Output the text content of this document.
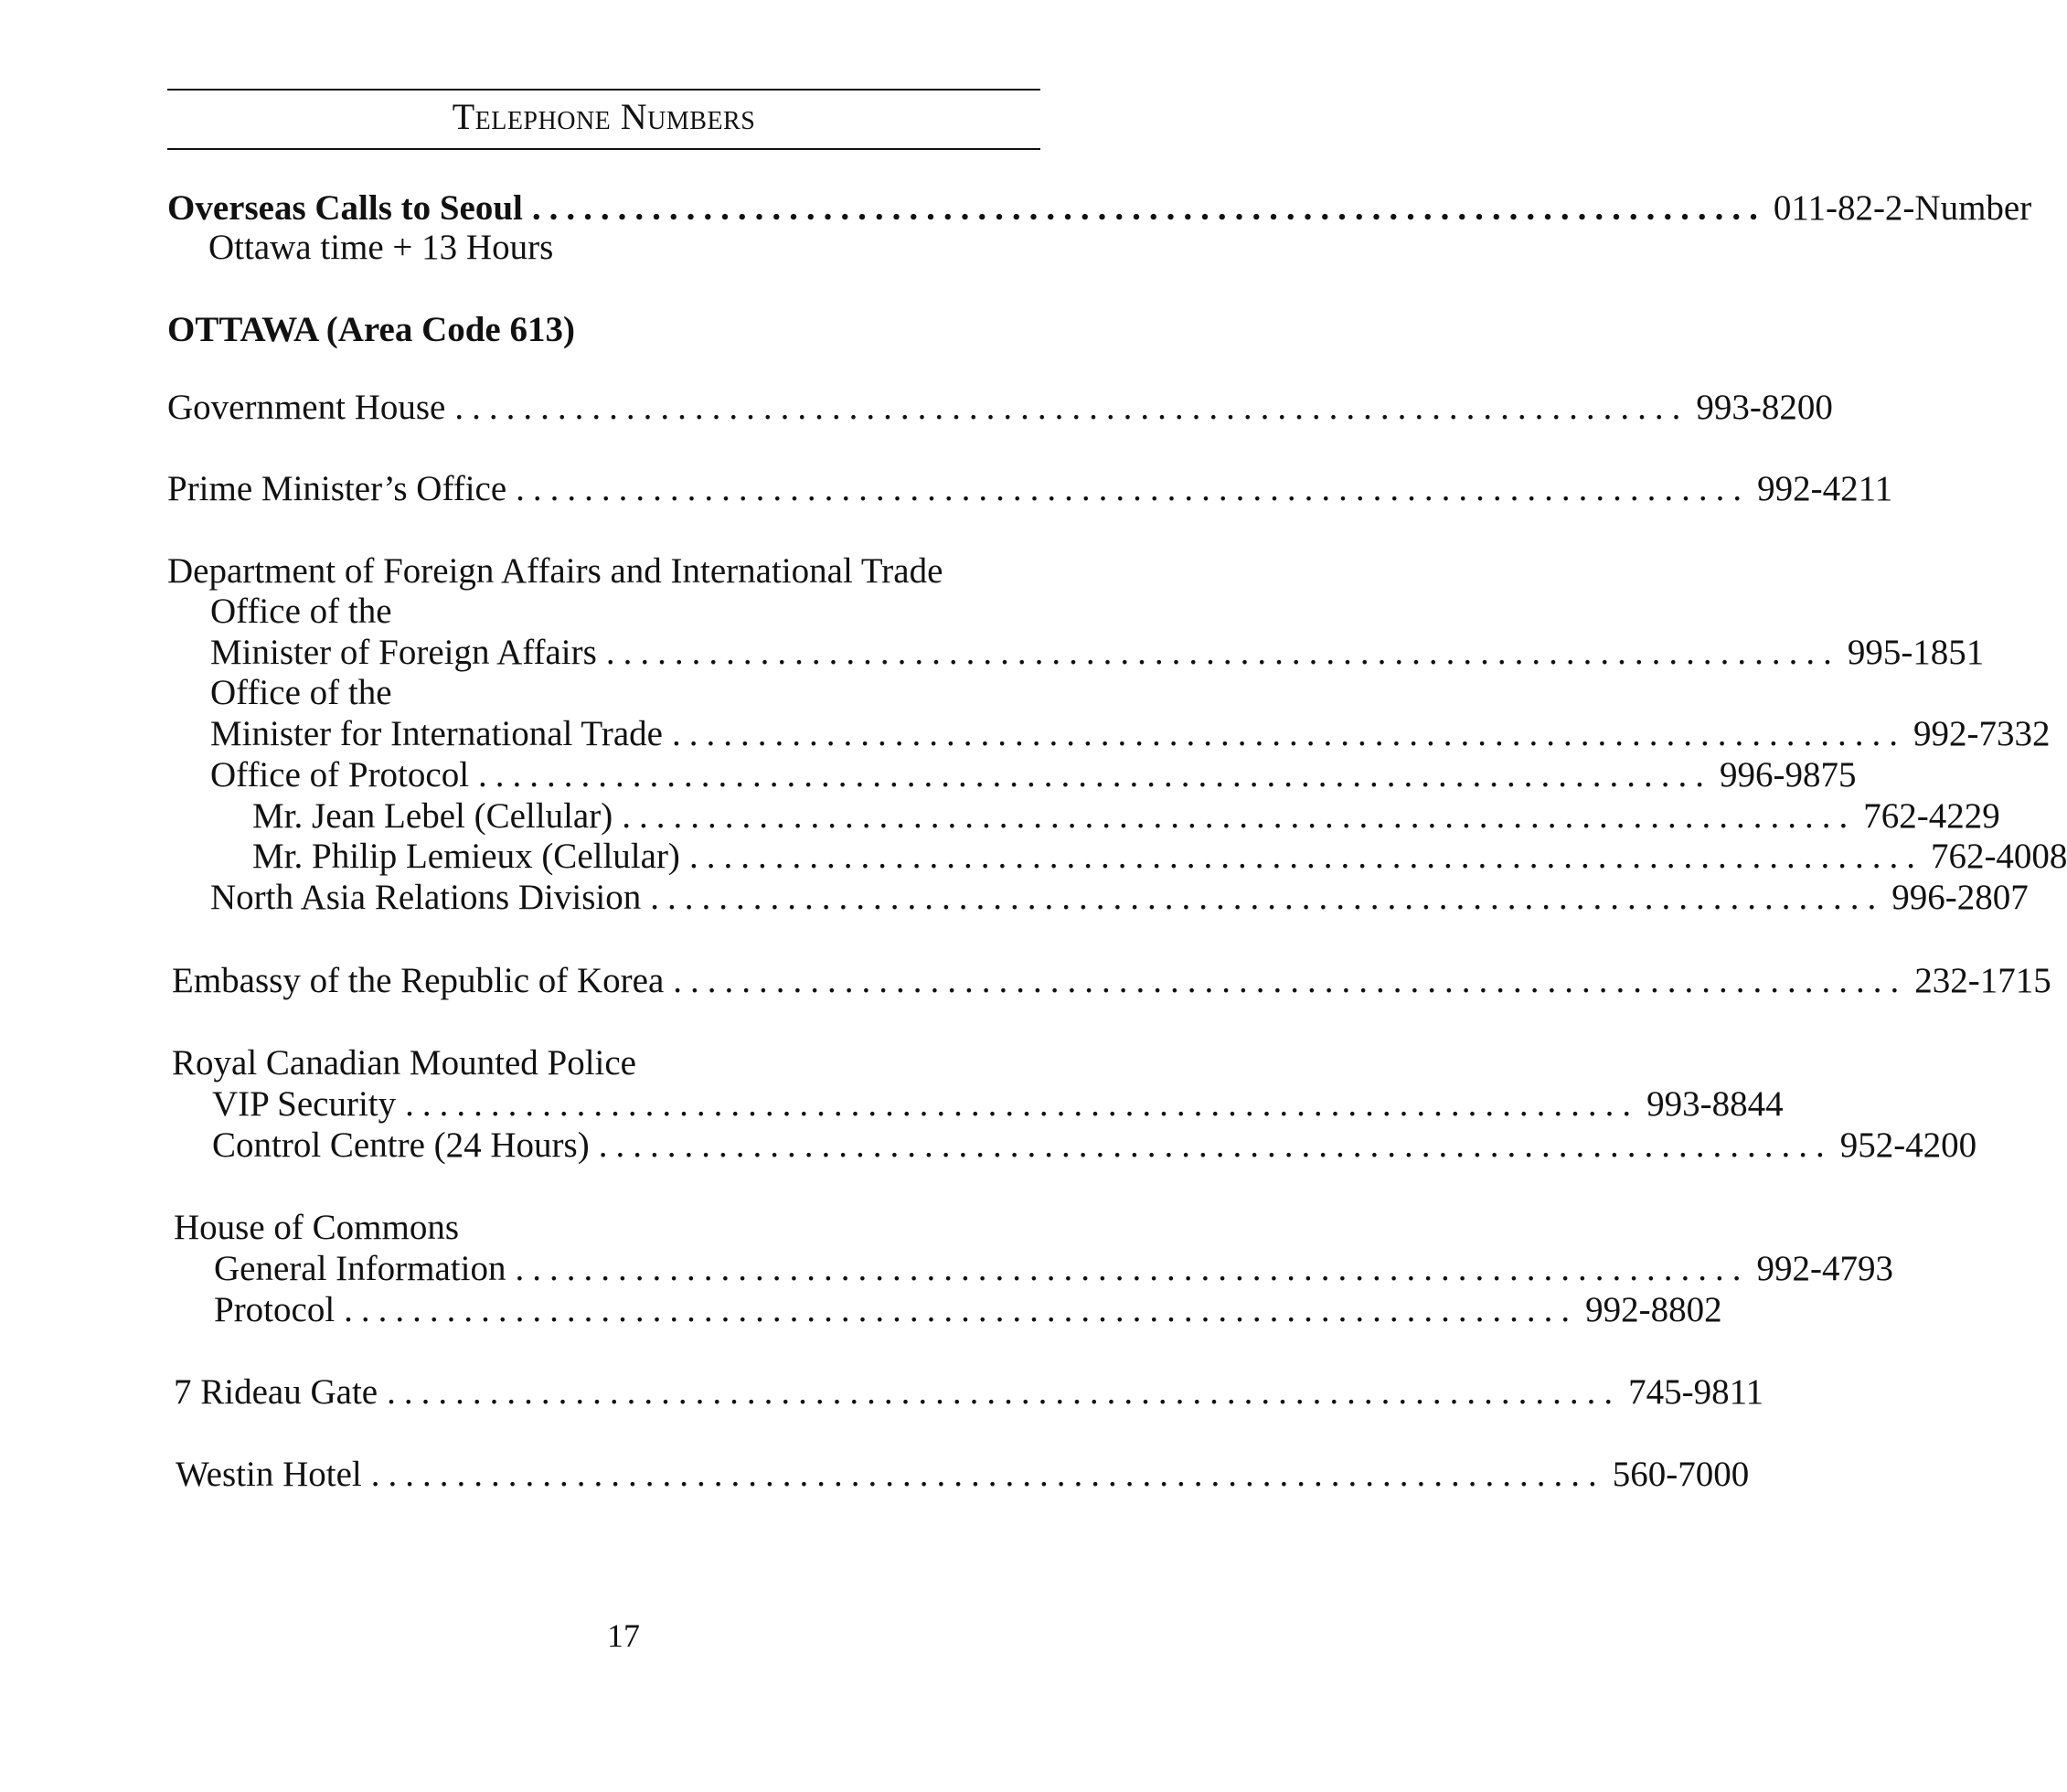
Telephone Numbers
Overseas Calls to Seoul ........................................................................ 011-82-2-Number
Ottawa time + 13 Hours
OTTAWA (Area Code 613)
Government House ........................................................................ 993-8200
Prime Minister’s Office ........................................................................ 992-4211
Department of Foreign Affairs and International Trade
Office of the
Minister of Foreign Affairs ........................................................................ 995-1851
Office of the
Minister for International Trade ........................................................................ 992-7332
Office of Protocol ........................................................................ 996-9875
Mr. Jean Lebel (Cellular) ........................................................................ 762-4229
Mr. Philip Lemieux (Cellular) ........................................................................ 762-4008
North Asia Relations Division ........................................................................ 996-2807
Embassy of the Republic of Korea ........................................................................ 232-1715
Royal Canadian Mounted Police
VIP Security ........................................................................ 993-8844
Control Centre (24 Hours) ........................................................................ 952-4200
House of Commons
General Information ........................................................................ 992-4793
Protocol ........................................................................ 992-8802
7 Rideau Gate ........................................................................ 745-9811
Westin Hotel ........................................................................ 560-7000
17
